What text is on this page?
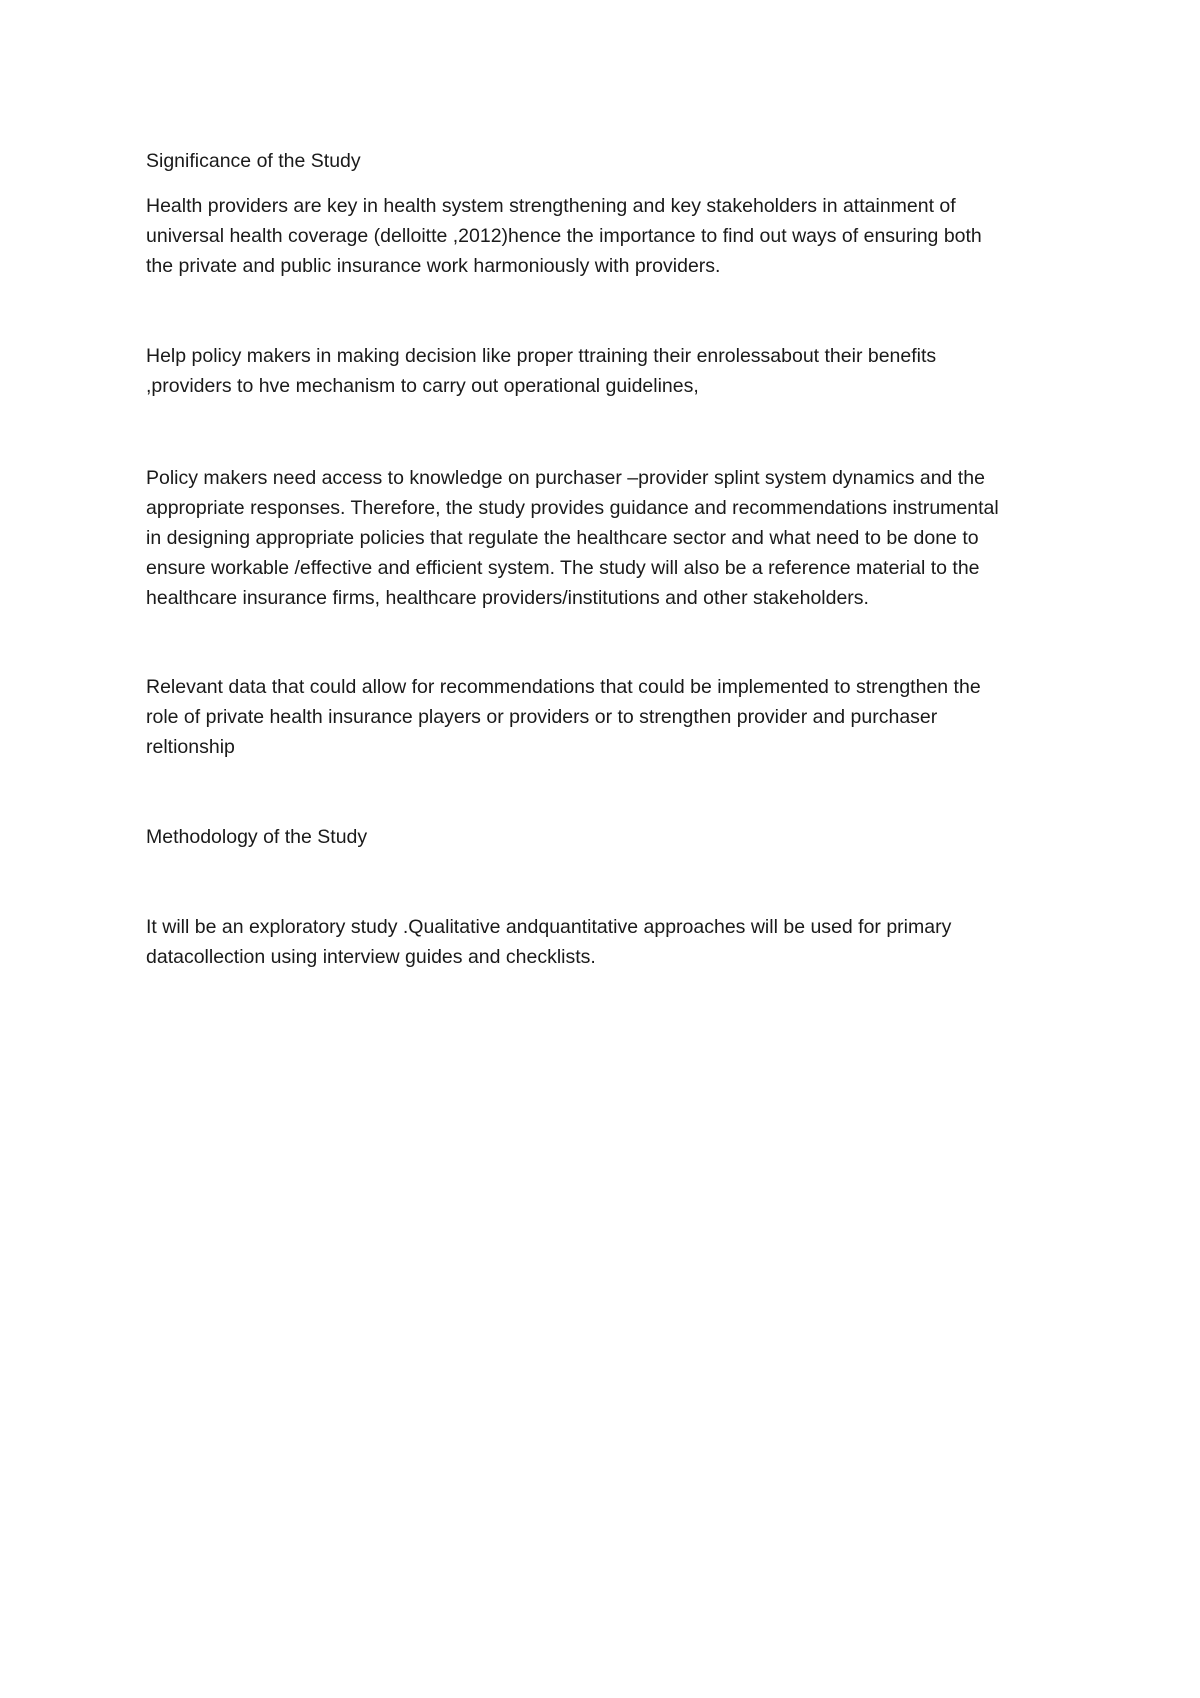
Significance of the Study
Health providers are key in health system strengthening and key stakeholders in attainment of
universal health coverage (delloitte ,2012)hence the importance to find out ways of ensuring both
the private and public insurance work harmoniously with providers.
Help policy makers in making decision like proper ttraining their enrolessabout their benefits
,providers to hve mechanism to carry out operational guidelines,
Policy makers need access to knowledge on purchaser –provider splint system dynamics and the
appropriate responses. Therefore, the study provides guidance and recommendations instrumental
in designing appropriate policies that regulate the healthcare sector and what need to be done to
ensure workable /effective and efficient system. The study will also be a reference material to the
healthcare insurance firms, healthcare providers/institutions and other stakeholders.
Relevant data that could allow for recommendations that could be implemented to strengthen the
role of private health insurance players or providers or to strengthen provider and purchaser
reltionship
Methodology of the Study
It will be an exploratory study .Qualitative andquantitative approaches will be used for primary
datacollection using interview guides and checklists.
